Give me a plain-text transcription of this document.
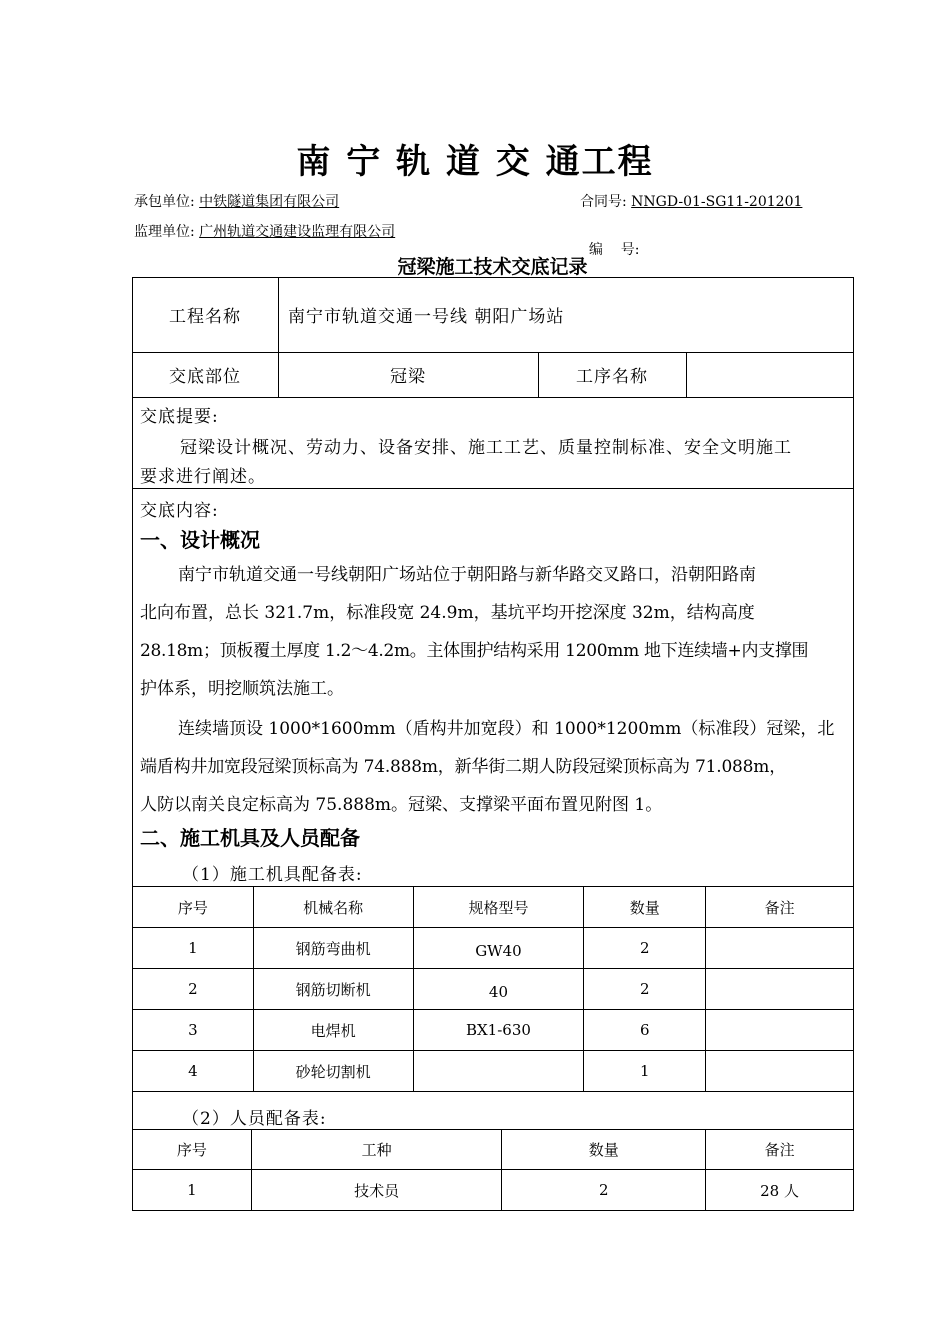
南 宁 轨 道 交 通工程
承包单位: 中铁隧道集团有限公司	合同号: NNGD-01-SG11-201201
监理单位: 广州轨道交通建设监理有限公司

编    号:

冠梁施工技术交底记录
工程名称	南宁市轨道交通一号线 朝阳广场站
交底部位	冠梁	工序名称
交底提要:
冠梁设计概况、劳动力、设备安排、施工工艺、质量控制标准、安全文明施工
要求进行阐述。
交底内容:
一、设计概况
南宁市轨道交通一号线朝阳广场站位于朝阳路与新华路交叉路口，沿朝阳路南
北向布置，总长 321.7m，标准段宽 24.9m，基坑平均开挖深度 32m，结构高度
28.18m；顶板覆土厚度 1.2～4.2m。主体围护结构采用 1200mm 地下连续墙+内支撑围
护体系，明挖顺筑法施工。
连续墙顶设 1000*1600mm（盾构井加宽段）和 1000*1200mm（标准段）冠梁，北
端盾构井加宽段冠梁顶标高为 74.888m，新华街二期人防段冠梁顶标高为 71.088m，
人防以南关良定标高为 75.888m。冠梁、支撑梁平面布置见附图 1。
二、施工机具及人员配备
（1）施工机具配备表:
序号	机械名称	规格型号	数量	备注
1	钢筋弯曲机	GW40	2	
2	钢筋切断机	40	2	
3	电焊机	BX1-630	6	
4	砂轮切割机		1	
（2）人员配备表:
序号	工种	数量	备注
1	技术员	2	28 人
